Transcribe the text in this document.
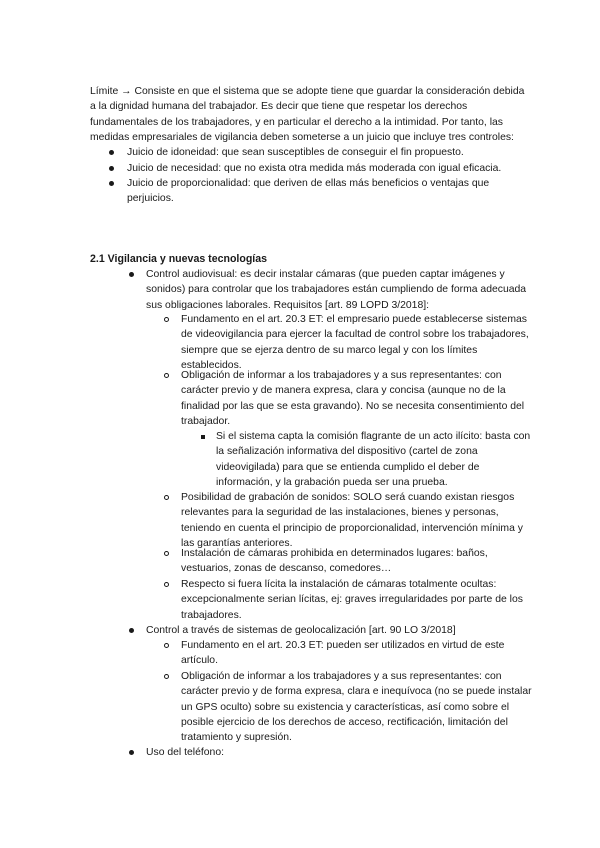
Límite → Consiste en que el sistema que se adopte tiene que guardar la consideración debida
a la dignidad humana del trabajador. Es decir que tiene que respetar los derechos
fundamentales de los trabajadores, y en particular el derecho a la intimidad. Por tanto, las
medidas empresariales de vigilancia deben someterse a un juicio que incluye tres controles:
Juicio de idoneidad: que sean susceptibles de conseguir el fin propuesto.
Juicio de necesidad: que no exista otra medida más moderada con igual eficacia.
Juicio de proporcionalidad: que deriven de ellas más beneficios o ventajas que
perjuicios.
2.1 Vigilancia y nuevas tecnologías
Control audiovisual: es decir instalar cámaras (que pueden captar imágenes y
sonidos) para controlar que los trabajadores están cumpliendo de forma adecuada
sus obligaciones laborales. Requisitos [art. 89 LOPD 3/2018]:
Fundamento en el art. 20.3 ET: el empresario puede establecerse sistemas
de videovigilancia para ejercer la facultad de control sobre los trabajadores,
siempre que se ejerza dentro de su marco legal y con los límites
establecidos.
Obligación de informar a los trabajadores y a sus representantes: con
carácter previo y de manera expresa, clara y concisa (aunque no de la
finalidad por las que se esta gravando). No se necesita consentimiento del
trabajador.
Si el sistema capta la comisión flagrante de un acto ilícito: basta con
la señalización informativa del dispositivo (cartel de zona
videovigilada) para que se entienda cumplido el deber de
información, y la grabación pueda ser una prueba.
Posibilidad de grabación de sonidos: SOLO será cuando existan riesgos
relevantes para la seguridad de las instalaciones, bienes y personas,
teniendo en cuenta el principio de proporcionalidad, intervención mínima y
las garantías anteriores.
Instalación de cámaras prohibida en determinados lugares: baños,
vestuarios, zonas de descanso, comedores…
Respecto si fuera lícita la instalación de cámaras totalmente ocultas:
excepcionalmente serian lícitas, ej: graves irregularidades por parte de los
trabajadores.
Control a través de sistemas de geolocalización [art. 90 LO 3/2018]
Fundamento en el art. 20.3 ET: pueden ser utilizados en virtud de este
artículo.
Obligación de informar a los trabajadores y a sus representantes: con
carácter previo y de forma expresa, clara e inequívoca (no se puede instalar
un GPS oculto) sobre su existencia y características, así como sobre el
posible ejercicio de los derechos de acceso, rectificación, limitación del
tratamiento y supresión.
Uso del teléfono:
